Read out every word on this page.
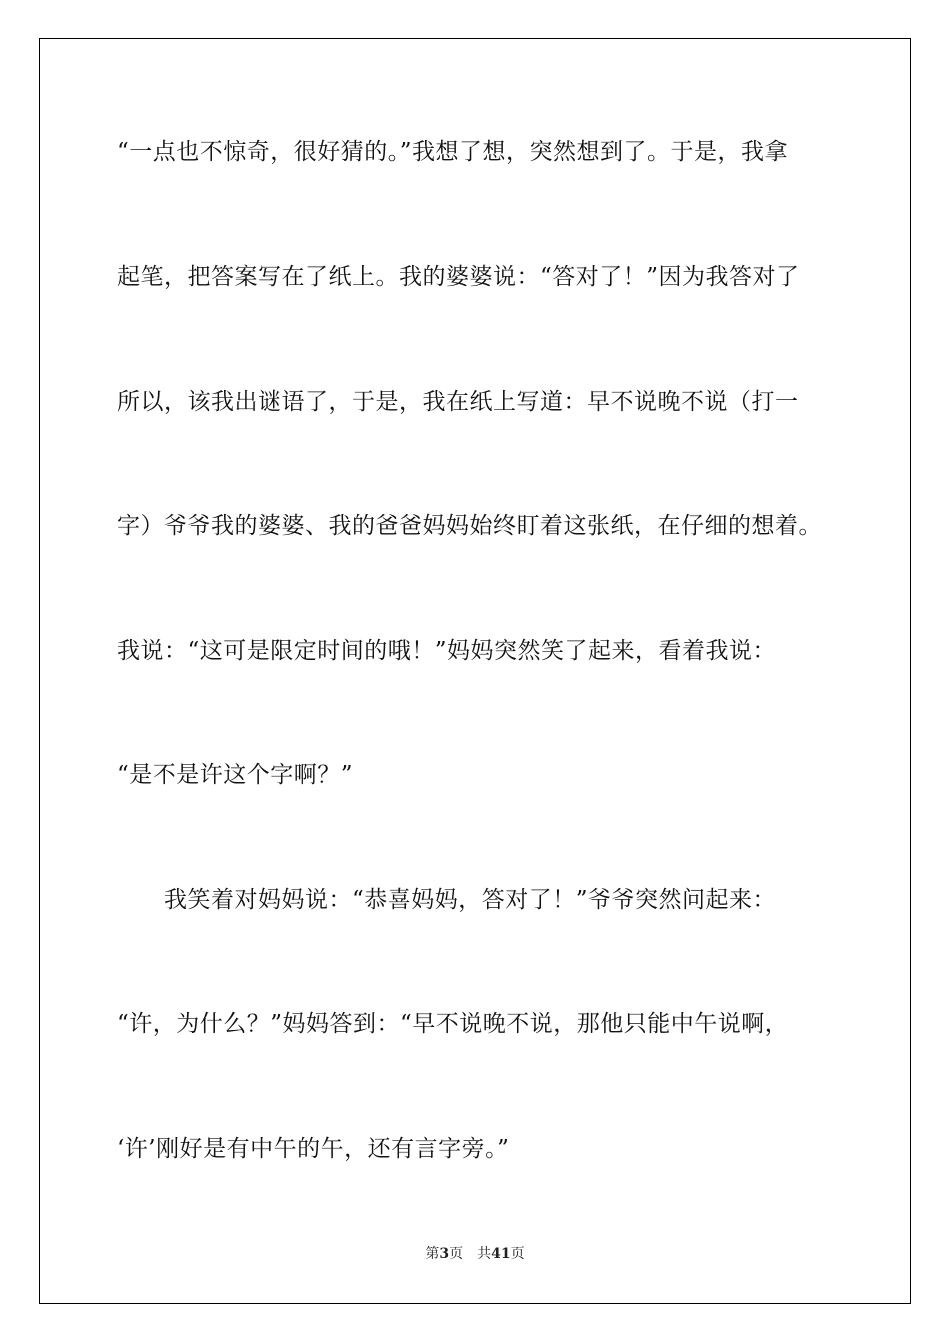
“一点也不惊奇，很好猜的。”我想了想，突然想到了。于是，我拿
起笔，把答案写在了纸上。我的婆婆说：“答对了！”因为我答对了
所以，该我出谜语了，于是，我在纸上写道：早不说晚不说（打一
字）爷爷我的婆婆、我的爸爸妈妈始终盯着这张纸，在仔细的想着。
我说：“这可是限定时间的哦！”妈妈突然笑了起来，看着我说：
“是不是许这个字啊？”
　　我笑着对妈妈说：“恭喜妈妈，答对了！”爷爷突然问起来：
“许，为什么？”妈妈答到：“早不说晚不说，那他只能中午说啊，
‘许’刚好是有中午的午，还有言字旁。”
第3页　共41页
